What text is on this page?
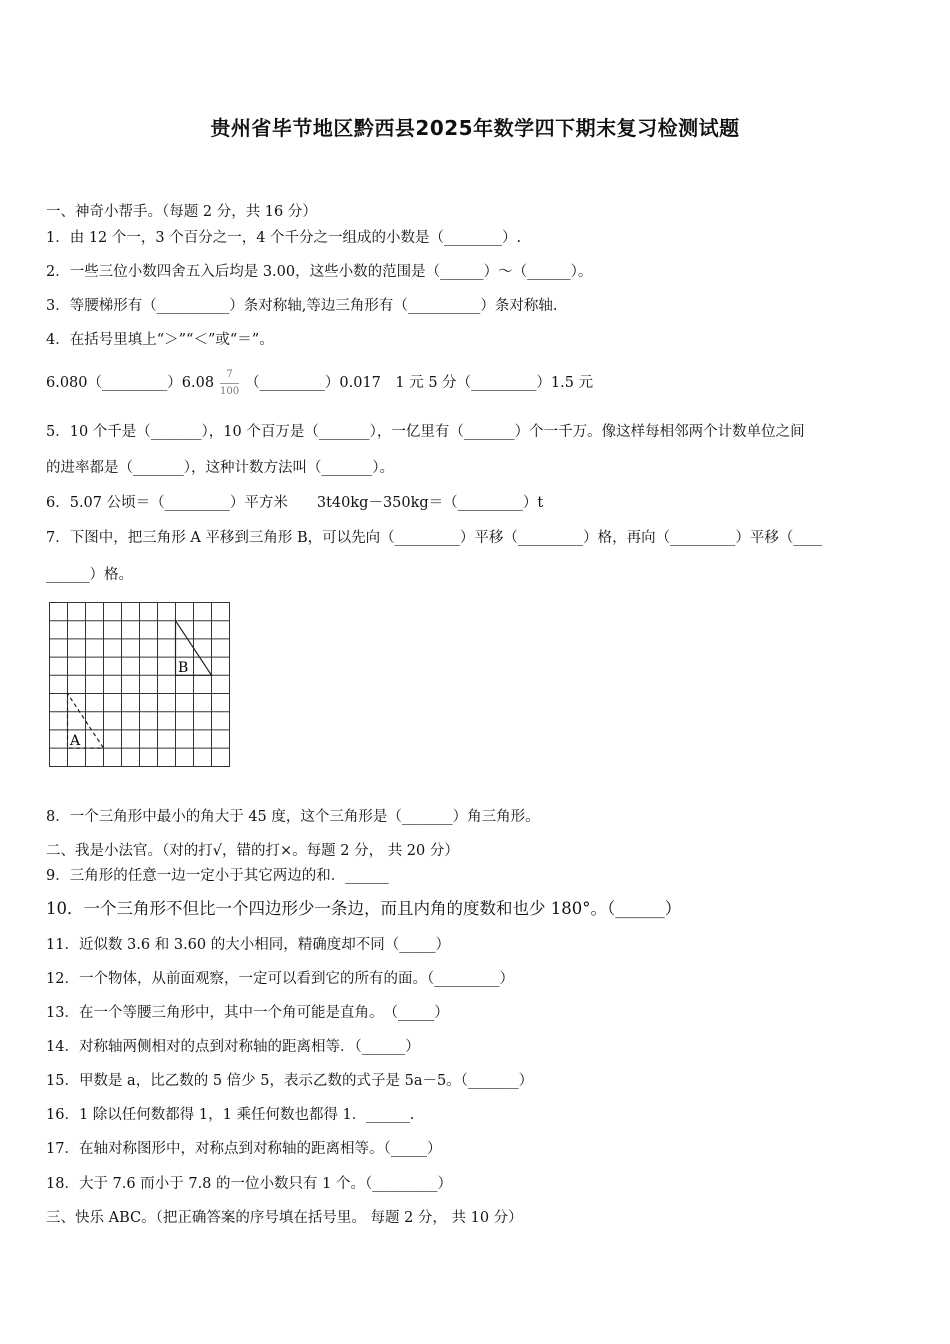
贵州省毕节地区黔西县2025年数学四下期末复习检测试题
一、神奇小帮手。（每题 2 分，共 16 分）
1．由 12 个一，3 个百分之一，4 个千分之一组成的小数是（________）.
2．一些三位小数四舍五入后均是 3.00，这些小数的范围是（______）～（______）。
3．等腰梯形有（__________）条对称轴,等边三角形有（__________）条对称轴.
4．在括号里填上“＞”“＜”或“＝”。
6.080（_________）6.08 $\frac{7}{100}$ （_________）0.017　1 元 5 分（_________）1.5 元
5．10 个千是（_______），10 个百万是（_______），一亿里有（_______）个一千万。像这样每相邻两个计数单位之间
的进率都是（_______），这种计数方法叫（_______）。
6．5.07 公顷＝（_________）平方米　　3t40kg－350kg＝（_________）t
7．下图中，把三角形 A 平移到三角形 B，可以先向（_________）平移（_________）格，再向（_________）平移（____
______）格。
B
A
8．一个三角形中最小的角大于 45 度，这个三角形是（_______）角三角形。
二、我是小法官。（对的打√，错的打×。每题 2 分， 共 20 分）
9．三角形的任意一边一定小于其它两边的和．______
10．一个三角形不但比一个四边形少一条边，而且内角的度数和也少 180°。（______）
11．近似数 3.6 和 3.60 的大小相同，精确度却不同（_____）
12．一个物体，从前面观察，一定可以看到它的所有的面。（_________）
13．在一个等腰三角形中，其中一个角可能是直角。　（_____）
14．对称轴两侧相对的点到对称轴的距离相等．（______）
15．甲数是 a，比乙数的 5 倍少 5，表示乙数的式子是 5a－5。（_______）
16．1 除以任何数都得 1，1 乘任何数也都得 1．______.
17．在轴对称图形中，对称点到对称轴的距离相等。（_____）
18．大于 7.6 而小于 7.8 的一位小数只有 1 个。（_________）
三、快乐 ABC。（把正确答案的序号填在括号里。 每题 2 分， 共 10 分）
